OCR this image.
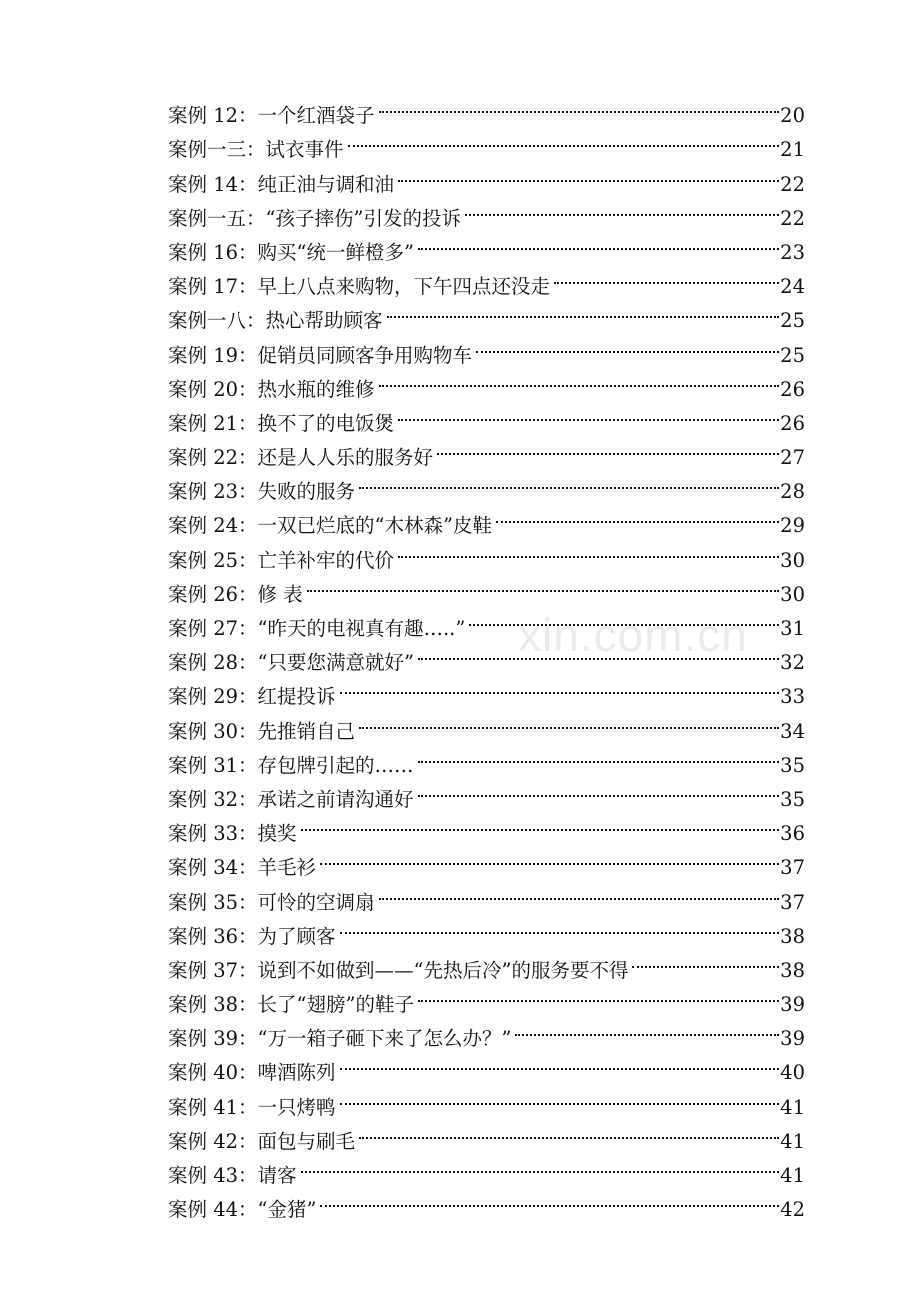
案例 12：一个红酒袋子	20
案例一三：试衣事件	21
案例 14：纯正油与调和油	22
案例一五：“孩子摔伤”引发的投诉	22
案例 16：购买“统一鲜橙多”	23
案例 17：早上八点来购物，下午四点还没走	24
案例一八：热心帮助顾客	25
案例 19：促销员同顾客争用购物车	25
案例 20：热水瓶的维修	26
案例 21：换不了的电饭煲	26
案例 22：还是人人乐的服务好	27
案例 23：失败的服务	28
案例 24：一双已烂底的“木林森”皮鞋	29
案例 25：亡羊补牢的代价	30
案例 26：修 表	30
案例 27：“昨天的电视真有趣…..”	31
案例 28：“只要您满意就好”	32
案例 29：红提投诉	33
案例 30：先推销自己	34
案例 31：存包牌引起的……	35
案例 32：承诺之前请沟通好	35
案例 33：摸奖	36
案例 34：羊毛衫	37
案例 35：可怜的空调扇	37
案例 36：为了顾客	38
案例 37：说到不如做到——“先热后冷”的服务要不得	38
案例 38：长了“翅膀”的鞋子	39
案例 39：“万一箱子砸下来了怎么办？”	39
案例 40：啤酒陈列	40
案例 41：一只烤鸭	41
案例 42：面包与刷毛	41
案例 43：请客	41
案例 44：“金猪”	42
xin.com.cn
